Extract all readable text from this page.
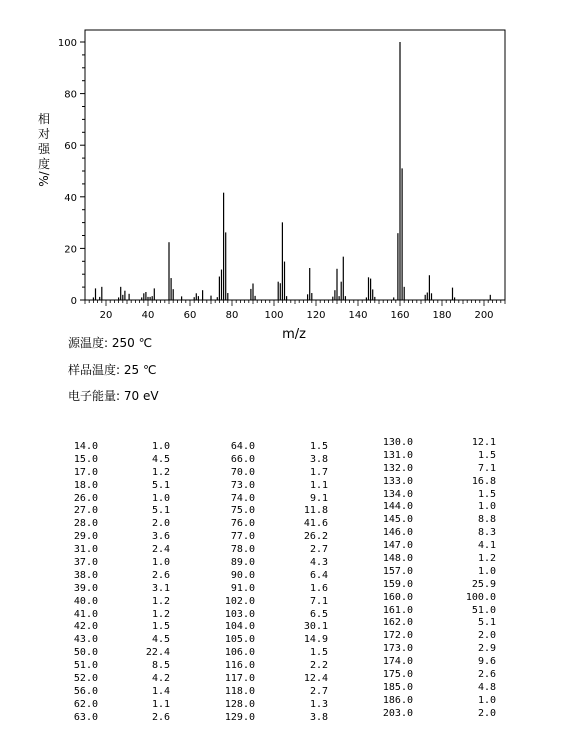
0
20
40
60
80
100
20	40	60	80	100 120 140 160 180 200
m/z
相
对
强
度
%/
源温度: 250 ℃
样品温度: 25 ℃
电子能量: 70 eV
14.0	1.0
15.0	4.5
17.0	1.2
18.0	5.1
26.0	1.0
27.0	5.1
28.0	2.0
29.0	3.6
31.0	2.4
37.0	1.0
38.0	2.6
39.0	3.1
40.0	1.2
41.0	1.2
42.0	1.5
43.0	4.5
50.0	22.4
51.0	8.5
52.0	4.2
56.0	1.4
62.0	1.1
63.0	2.6
64.0	1.5
66.0	3.8
70.0	1.7
73.0	1.1
74.0	9.1
75.0	11.8
76.0	41.6
77.0	26.2
78.0	2.7
89.0	4.3
90.0	6.4
91.0	1.6
102.0	7.1
103.0	6.5
104.0	30.1
105.0	14.9
106.0	1.5
116.0	2.2
117.0	12.4
118.0	2.7
128.0	1.3
129.0	3.8
130.0	12.1
131.0	1.5
132.0	7.1
133.0	16.8
134.0	1.5
144.0	1.0
145.0	8.8
146.0	8.3
147.0	4.1
148.0	1.2
157.0	1.0
159.0	25.9
160.0	100.0
161.0	51.0
162.0	5.1
172.0	2.0
173.0	2.9
174.0	9.6
175.0	2.6
185.0	4.8
186.0	1.0
203.0	2.0
